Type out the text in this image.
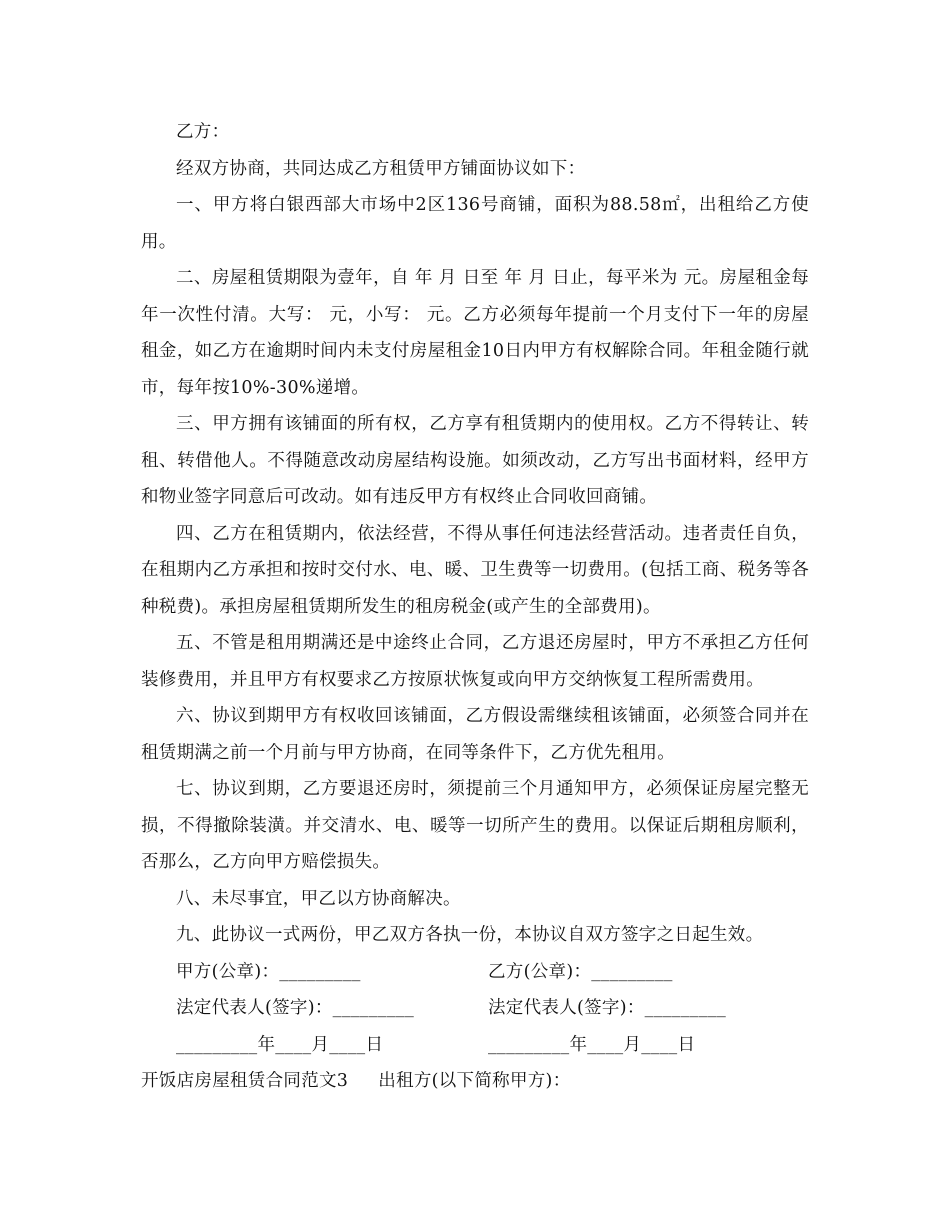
乙方：

经双方协商，共同达成乙方租赁甲方铺面协议如下：

一、甲方将白银西部大市场中2区136号商铺，面积为88.58㎡，出租给乙方使用。

二、房屋租赁期限为壹年，自 年 月 日至 年 月 日止，每平米为 元。房屋租金每年一次性付清。大写： 元，小写： 元。乙方必须每年提前一个月支付下一年的房屋租金，如乙方在逾期时间内未支付房屋租金10日内甲方有权解除合同。年租金随行就市，每年按10%-30%递增。

三、甲方拥有该铺面的所有权，乙方享有租赁期内的使用权。乙方不得转让、转租、转借他人。不得随意改动房屋结构设施。如须改动，乙方写出书面材料，经甲方和物业签字同意后可改动。如有违反甲方有权终止合同收回商铺。

四、乙方在租赁期内，依法经营，不得从事任何违法经营活动。违者责任自负，在租期内乙方承担和按时交付水、电、暖、卫生费等一切费用。(包括工商、税务等各种税费)。承担房屋租赁期所发生的租房税金(或产生的全部费用)。

五、不管是租用期满还是中途终止合同，乙方退还房屋时，甲方不承担乙方任何装修费用，并且甲方有权要求乙方按原状恢复或向甲方交纳恢复工程所需费用。

六、协议到期甲方有权收回该铺面，乙方假设需继续租该铺面，必须签合同并在租赁期满之前一个月前与甲方协商，在同等条件下，乙方优先租用。

七、协议到期，乙方要退还房时，须提前三个月通知甲方，必须保证房屋完整无损，不得撤除装潢。并交清水、电、暖等一切所产生的费用。以保证后期租房顺利，否那么，乙方向甲方赔偿损失。

八、未尽事宜，甲乙以方协商解决。

九、此协议一式两份，甲乙双方各执一份，本协议自双方签字之日起生效。

甲方(公章)：_________	乙方(公章)：_________
法定代表人(签字)：_________	法定代表人(签字)：_________
_________年____月____日	_________年____月____日
开饭店房屋租赁合同范文3 出租方(以下简称甲方)：
